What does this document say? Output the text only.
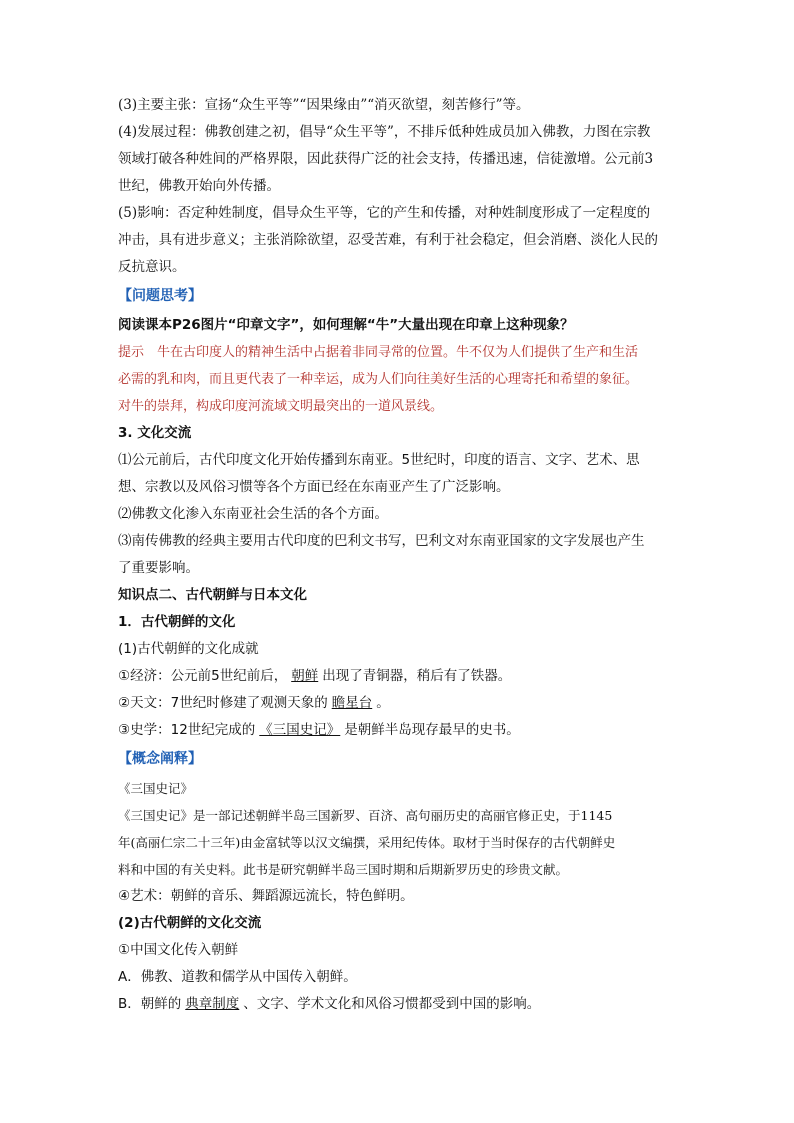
(3)主要主张：宣扬“众生平等”“因果缘由”“消灭欲望，刻苦修行”等。

(4)发展过程：佛教创建之初，倡导“众生平等”，不排斥低种姓成员加入佛教，力图在宗教

领域打破各种姓间的严格界限，因此获得广泛的社会支持，传播迅速，信徒激增。公元前3

世纪，佛教开始向外传播。

(5)影响：否定种姓制度，倡导众生平等，它的产生和传播，对种姓制度形成了一定程度的

冲击，具有进步意义；主张消除欲望，忍受苦难，有利于社会稳定，但会消磨、淡化人民的

反抗意识。

【问题思考】

阅读课本P26图片“印章文字”，如何理解“牛”大量出现在印章上这种现象？

提示　牛在古印度人的精神生活中占据着非同寻常的位置。牛不仅为人们提供了生产和生活

必需的乳和肉，而且更代表了一种幸运，成为人们向往美好生活的心理寄托和希望的象征。

对牛的崇拜，构成印度河流域文明最突出的一道风景线。

3. 文化交流

⑴公元前后，古代印度文化开始传播到东南亚。5世纪时，印度的语言、文字、艺术、思

想、宗教以及风俗习惯等各个方面已经在东南亚产生了广泛影响。

⑵佛教文化渗入东南亚社会生活的各个方面。

⑶南传佛教的经典主要用古代印度的巴利文书写，巴利文对东南亚国家的文字发展也产生

了重要影响。

知识点二、古代朝鲜与日本文化

1．古代朝鲜的文化

(1)古代朝鲜的文化成就

①经济：公元前5世纪前后， 朝鲜 出现了青铜器，稍后有了铁器。

②天文：7世纪时修建了观测天象的 瞻星台 。

③史学：12世纪完成的 《三国史记》 是朝鲜半岛现存最早的史书。

【概念阐释】

《三国史记》

《三国史记》是一部记述朝鲜半岛三国新罗、百济、高句丽历史的高丽官修正史，于1145

年(高丽仁宗二十三年)由金富轼等以汉文编撰，采用纪传体。取材于当时保存的古代朝鲜史

料和中国的有关史料。此书是研究朝鲜半岛三国时期和后期新罗历史的珍贵文献。

④艺术：朝鲜的音乐、舞蹈源远流长，特色鲜明。

(2)古代朝鲜的文化交流

①中国文化传入朝鲜

A．佛教、道教和儒学从中国传入朝鲜。

B．朝鲜的 典章制度 、文字、学术文化和风俗习惯都受到中国的影响。
